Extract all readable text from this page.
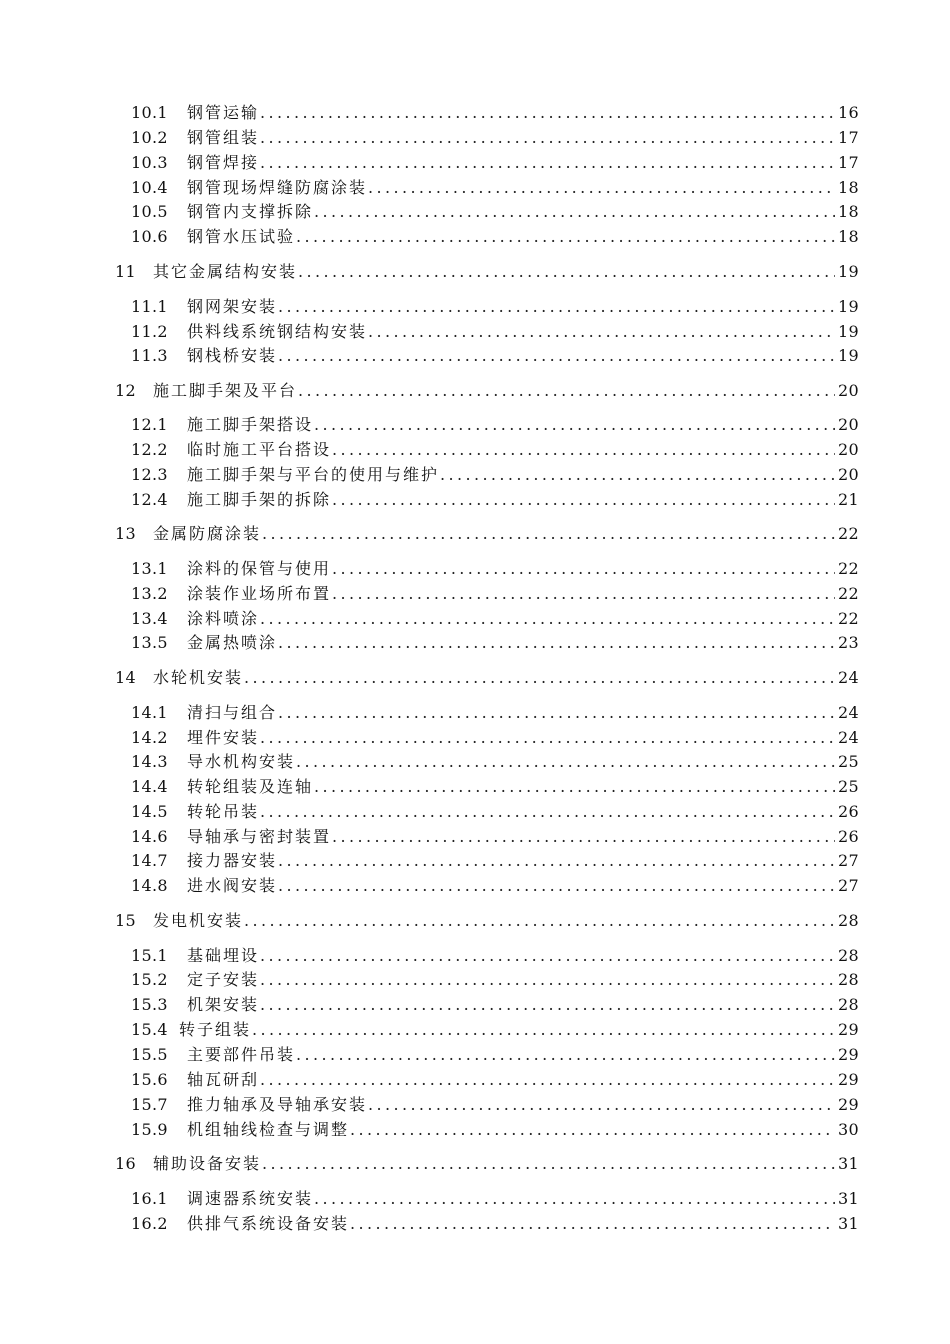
10.1	钢管运输 .....	16
10.2	钢管组装 .....	17
10.3	钢管焊接 .....	17
10.4	钢管现场焊缝防腐涂装 .....	18
10.5	钢管内支撑拆除 .....	18
10.6	钢管水压试验 .....	18
11	其它金属结构安装 .....	19
11.1	钢网架安装 .....	19
11.2	供料线系统钢结构安装 .....	19
11.3	钢栈桥安装 .....	19
12	施工脚手架及平台 .....	20
12.1	施工脚手架搭设 .....	20
12.2	临时施工平台搭设 .....	20
12.3	施工脚手架与平台的使用与维护 .....	20
12.4	施工脚手架的拆除 .....	21
13	金属防腐涂装 .....	22
13.1	涂料的保管与使用 .....	22
13.2	涂装作业场所布置 .....	22
13.4	涂料喷涂 .....	22
13.5	金属热喷涂 .....	23
14	水轮机安装 .....	24
14.1	清扫与组合 .....	24
14.2	埋件安装 .....	24
14.3	导水机构安装 .....	25
14.4	转轮组装及连轴 .....	25
14.5	转轮吊装 .....	26
14.6	导轴承与密封装置 .....	26
14.7	接力器安装 .....	27
14.8	进水阀安装 .....	27
15	发电机安装 .....	28
15.1	基础埋设 .....	28
15.2	定子安装 .....	28
15.3	机架安装 .....	28
15.4 转子组装 .....	29
15.5	主要部件吊装 .....	29
15.6	轴瓦研刮 .....	29
15.7	推力轴承及导轴承安装 .....	29
15.9	机组轴线检查与调整 .....	30
16	辅助设备安装 .....	31
16.1	调速器系统安装 .....	31
16.2	供排气系统设备安装 .....	31
